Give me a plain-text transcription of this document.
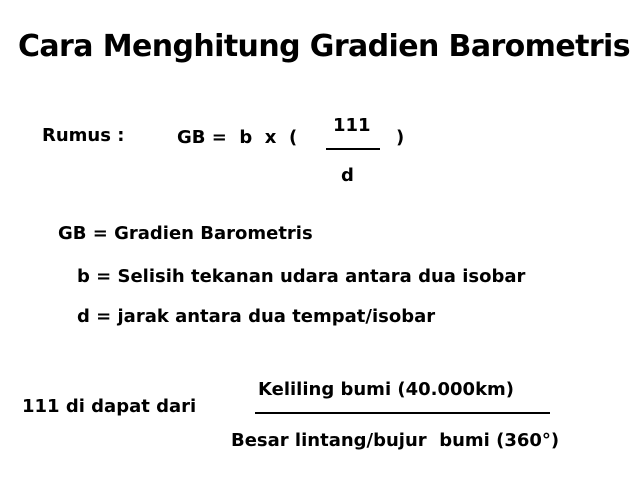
Cara Menghitung Gradien Barometris
Rumus :	GB =  b  x  (
111
)
d
GB = Gradien Barometris
b = Selisih tekanan udara antara dua isobar
d = jarak antara dua tempat/isobar
111 di dapat dari
Keliling bumi (40.000km)
Besar lintang/bujur  bumi (360°)
